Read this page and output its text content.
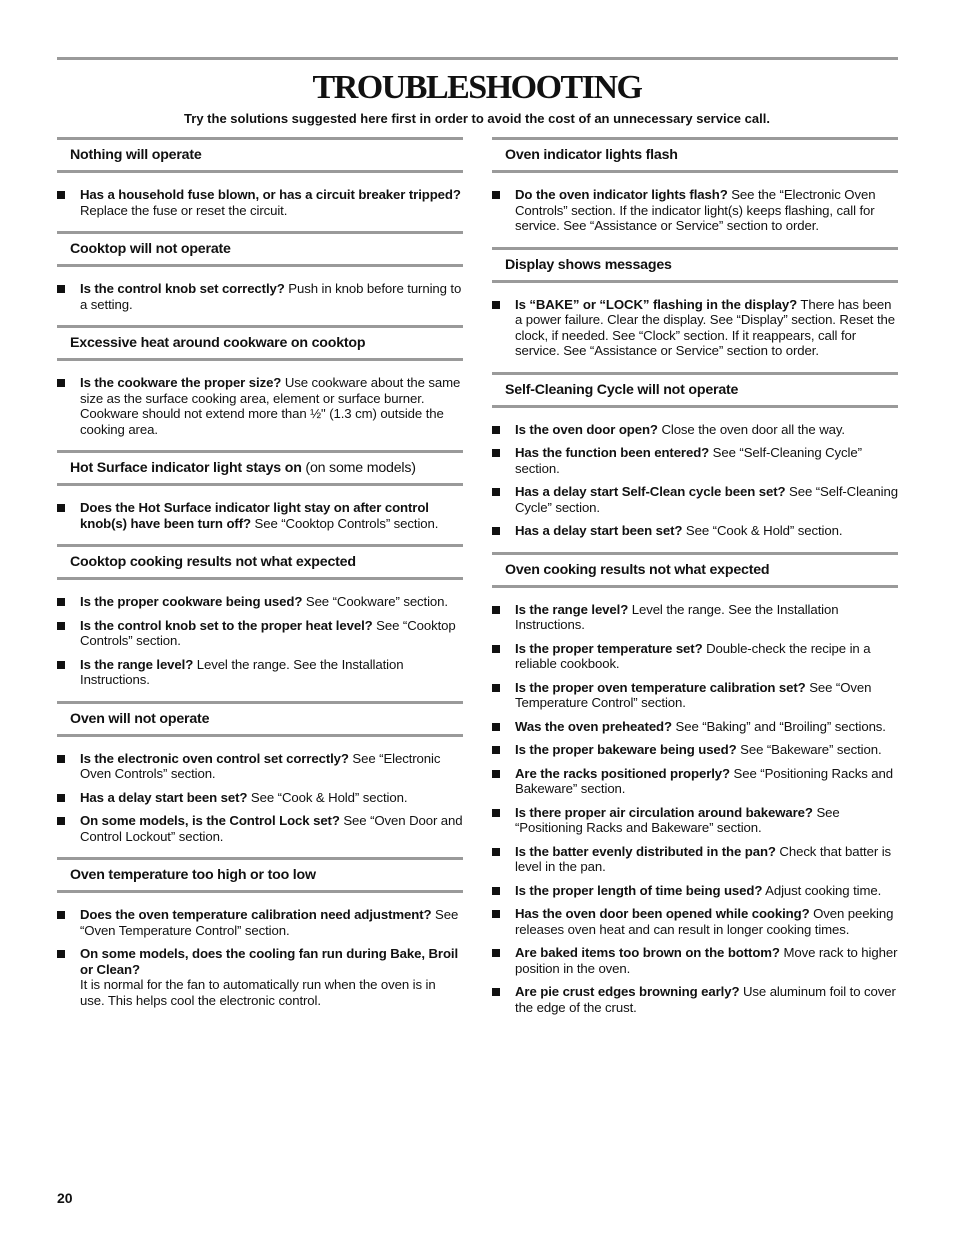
TROUBLESHOOTING
Try the solutions suggested here first in order to avoid the cost of an unnecessary service call.
Nothing will operate
Has a household fuse blown, or has a circuit breaker tripped? Replace the fuse or reset the circuit.
Cooktop will not operate
Is the control knob set correctly? Push in knob before turning to a setting.
Excessive heat around cookware on cooktop
Is the cookware the proper size? Use cookware about the same size as the surface cooking area, element or surface burner. Cookware should not extend more than ½" (1.3 cm) outside the cooking area.
Hot Surface indicator light stays on (on some models)
Does the Hot Surface indicator light stay on after control knob(s) have been turn off? See “Cooktop Controls” section.
Cooktop cooking results not what expected
Is the proper cookware being used? See “Cookware” section.
Is the control knob set to the proper heat level? See “Cooktop Controls” section.
Is the range level? Level the range. See the Installation Instructions.
Oven will not operate
Is the electronic oven control set correctly? See “Electronic Oven Controls” section.
Has a delay start been set? See “Cook & Hold” section.
On some models, is the Control Lock set? See “Oven Door and Control Lockout” section.
Oven temperature too high or too low
Does the oven temperature calibration need adjustment? See “Oven Temperature Control” section.
On some models, does the cooling fan run during Bake, Broil or Clean?
It is normal for the fan to automatically run when the oven is in use. This helps cool the electronic control.
Oven indicator lights flash
Do the oven indicator lights flash? See the “Electronic Oven Controls” section. If the indicator light(s) keeps flashing, call for service. See “Assistance or Service” section to order.
Display shows messages
Is “BAKE” or “LOCK” flashing in the display? There has been a power failure. Clear the display. See “Display” section. Reset the clock, if needed. See “Clock” section. If it reappears, call for service. See “Assistance or Service” section to order.
Self-Cleaning Cycle will not operate
Is the oven door open? Close the oven door all the way.
Has the function been entered? See “Self-Cleaning Cycle” section.
Has a delay start Self-Clean cycle been set? See “Self-Cleaning Cycle” section.
Has a delay start been set? See “Cook & Hold” section.
Oven cooking results not what expected
Is the range level? Level the range. See the Installation Instructions.
Is the proper temperature set? Double-check the recipe in a reliable cookbook.
Is the proper oven temperature calibration set? See “Oven Temperature Control” section.
Was the oven preheated? See “Baking” and “Broiling” sections.
Is the proper bakeware being used? See “Bakeware” section.
Are the racks positioned properly? See “Positioning Racks and Bakeware” section.
Is there proper air circulation around bakeware? See “Positioning Racks and Bakeware” section.
Is the batter evenly distributed in the pan? Check that batter is level in the pan.
Is the proper length of time being used? Adjust cooking time.
Has the oven door been opened while cooking? Oven peeking releases oven heat and can result in longer cooking times.
Are baked items too brown on the bottom? Move rack to higher position in the oven.
Are pie crust edges browning early? Use aluminum foil to cover the edge of the crust.
20
